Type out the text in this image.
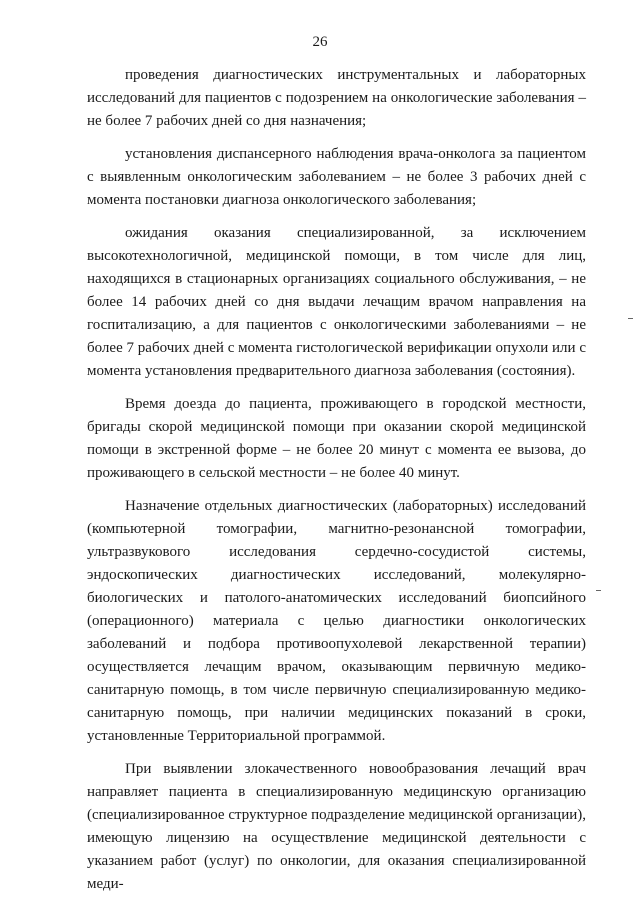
26

проведения диагностических инструментальных и лабораторных исследований для пациентов с подозрением на онкологические заболевания – не более 7 рабочих дней со дня назначения;

установления диспансерного наблюдения врача-онколога за пациентом с выявленным онкологическим заболеванием – не более 3 рабочих дней с момента постановки диагноза онкологического заболевания;

ожидания оказания специализированной, за исключением высокотехнологичной, медицинской помощи, в том числе для лиц, находящихся в стационарных организациях социального обслуживания, – не более 14 рабочих дней со дня выдачи лечащим врачом направления на госпитализацию, а для пациентов с онкологическими заболеваниями – не более 7 рабочих дней с момента гистологической верификации опухоли или с момента установления предварительного диагноза заболевания (состояния).

Время доезда до пациента, проживающего в городской местности, бригады скорой медицинской помощи при оказании скорой медицинской помощи в экстренной форме – не более 20 минут с момента ее вызова, до проживающего в сельской местности – не более 40 минут.

Назначение отдельных диагностических (лабораторных) исследований (компьютерной томографии, магнитно-резонансной томографии, ультразвукового исследования сердечно-сосудистой системы, эндоскопических диагностических исследований, молекулярно-биологических и патолого-анатомических исследований биопсийного (операционного) материала с целью диагностики онкологических заболеваний и подбора противоопухолевой лекарственной терапии) осуществляется лечащим врачом, оказывающим первичную медико-санитарную помощь, в том числе первичную специализированную медико-санитарную помощь, при наличии медицинских показаний в сроки, установленные Территориальной программой.

При выявлении злокачественного новообразования лечащий врач направляет пациента в специализированную медицинскую организацию (специализированное структурное подразделение медицинской организации), имеющую лицензию на осуществление медицинской деятельности с указанием работ (услуг) по онкологии, для оказания специализированной меди-
